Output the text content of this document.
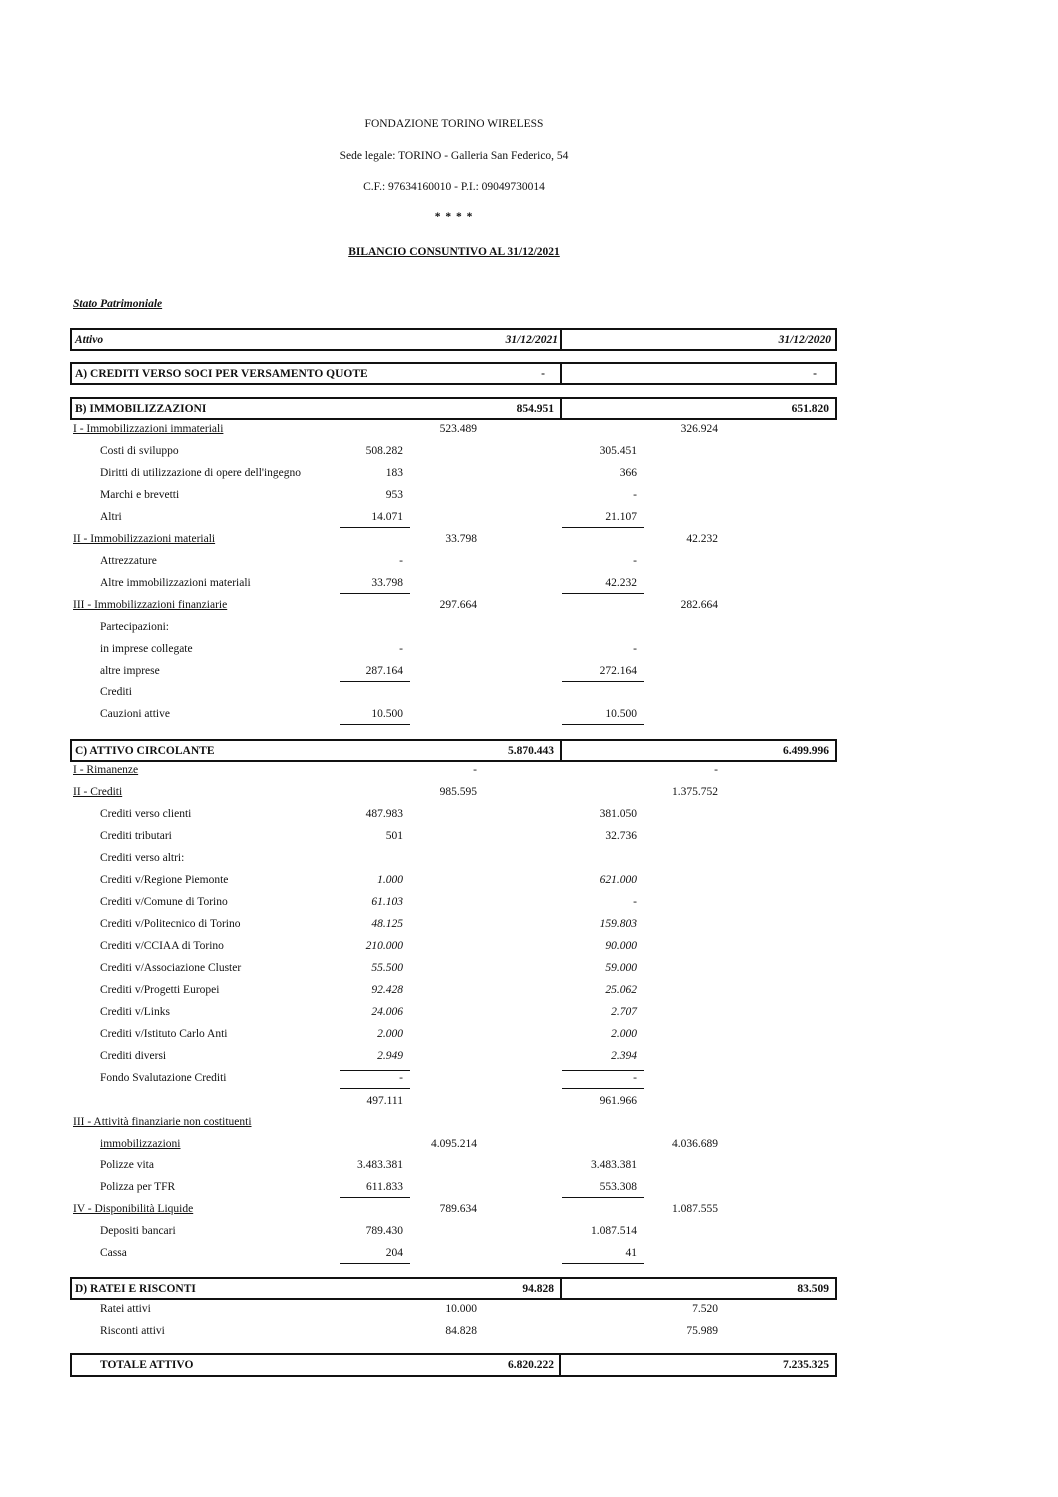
FONDAZIONE TORINO WIRELESS
Sede legale: TORINO - Galleria San Federico, 54
C.F.: 97634160010 - P.I.: 09049730014
* * * *
BILANCIO CONSUNTIVO AL 31/12/2021
Stato Patrimoniale
Attivo	31/12/2021	31/12/2020
A) CREDITI VERSO SOCI PER VERSAMENTO QUOTE	-	-
B) IMMOBILIZZAZIONI	854.951	651.820
I - Immobilizzazioni immateriali	523.489	326.924
Costi di sviluppo	508.282	305.451
Diritti di utilizzazione di opere dell'ingegno	183	366
Marchi e brevetti	953	-
Altri	14.071	21.107
II - Immobilizzazioni materiali	33.798	42.232
Attrezzature	-	-
Altre immobilizzazioni materiali	33.798	42.232
III - Immobilizzazioni finanziarie	297.664	282.664
Partecipazioni:
in imprese collegate	-	-
altre imprese	287.164	272.164
Crediti
Cauzioni attive	10.500	10.500
C) ATTIVO CIRCOLANTE	5.870.443	6.499.996
I - Rimanenze	-	-
II - Crediti	985.595	1.375.752
Crediti verso clienti	487.983	381.050
Crediti tributari	501	32.736
Crediti verso altri:
Crediti v/Regione Piemonte	1.000	621.000
Crediti v/Comune di Torino	61.103	-
Crediti v/Politecnico di Torino	48.125	159.803
Crediti v/CCIAA di Torino	210.000	90.000
Crediti v/Associazione Cluster	55.500	59.000
Crediti v/Progetti Europei	92.428	25.062
Crediti v/Links	24.006	2.707
Crediti v/Istituto Carlo Anti	2.000	2.000
Crediti diversi	2.949	2.394
Fondo Svalutazione Crediti	-	-
497.111	961.966
III - Attività finanziarie non costituenti
immobilizzazioni	4.095.214	4.036.689
Polizze vita	3.483.381	3.483.381
Polizza per TFR	611.833	553.308
IV - Disponibilità Liquide	789.634	1.087.555
Depositi bancari	789.430	1.087.514
Cassa	204	41
D) RATEI E RISCONTI	94.828	83.509
Ratei attivi	10.000	7.520
Risconti attivi	84.828	75.989
TOTALE ATTIVO	6.820.222	7.235.325
